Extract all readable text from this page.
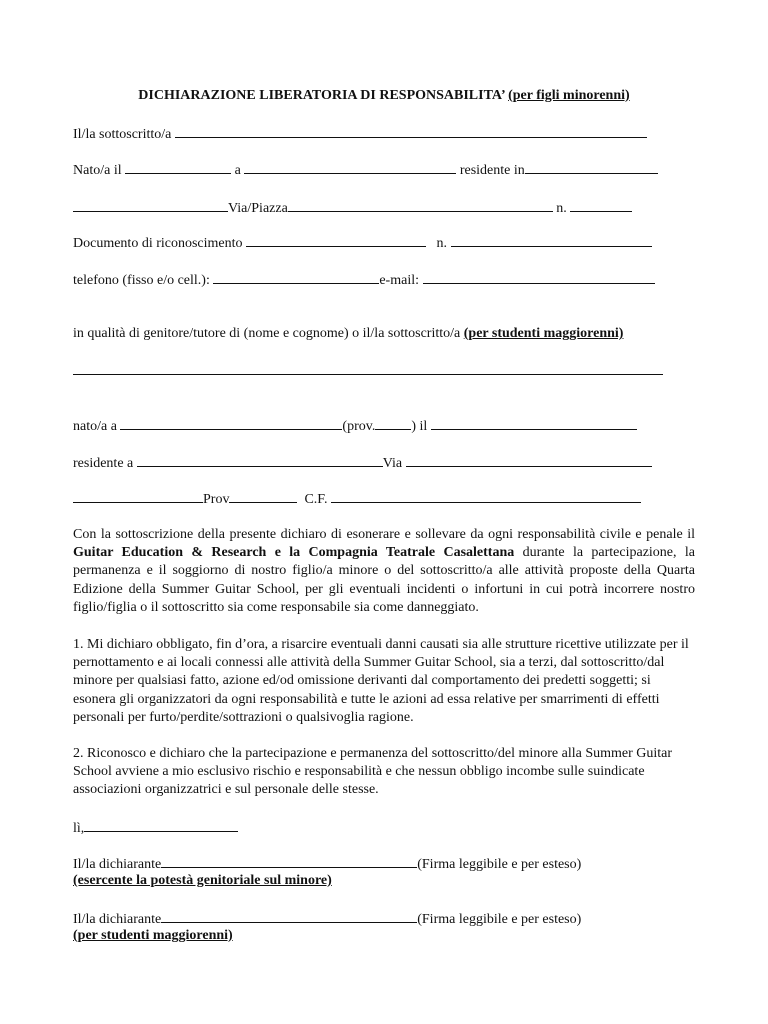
DICHIARAZIONE LIBERATORIA DI RESPONSABILITA’ (per figli minorenni)
Il/la sottoscritto/a
Nato/a il	a	residente in
Via/Piazza	n.
Documento di riconoscimento	n.
telefono (fisso e/o cell.):	e-mail:
in qualità di genitore/tutore di (nome e cognome) o il/la sottoscritto/a (per studenti maggiorenni)
nato/a a	(prov.	) il
residente a	Via
Prov	C.F.
Con la sottoscrizione della presente dichiaro di esonerare e sollevare da ogni responsabilità civile e penale il Guitar Education & Research e la Compagnia Teatrale Casalettana durante la partecipazione, la permanenza e il soggiorno di nostro figlio/a minore o del sottoscritto/a alle attività proposte della Quarta Edizione della Summer Guitar School, per gli eventuali incidenti o infortuni in cui potrà incorrere nostro figlio/figlia o il sottoscritto sia come responsabile sia come danneggiato.
1. Mi dichiaro obbligato, fin d’ora, a risarcire eventuali danni causati sia alle strutture ricettive utilizzate per il pernottamento e ai locali connessi alle attività della Summer Guitar School, sia a terzi, dal sottoscritto/dal minore per qualsiasi fatto, azione ed/od omissione derivanti dal comportamento dei predetti soggetti; si esonera gli organizzatori da ogni responsabilità e tutte le azioni ad essa relative per smarrimenti di effetti personali per furto/perdite/sottrazioni o qualsivoglia ragione.
2. Riconosco e dichiaro che la partecipazione e permanenza del sottoscritto/del minore alla Summer Guitar School avviene a mio esclusivo rischio e responsabilità e che nessun obbligo incombe sulle suindicate associazioni organizzatrici e sul personale delle stesse.
lì,
Il/la dichiarante	(Firma leggibile e per esteso)
(esercente la potestà genitoriale sul minore)
Il/la dichiarante	(Firma leggibile e per esteso)
(per studenti maggiorenni)
